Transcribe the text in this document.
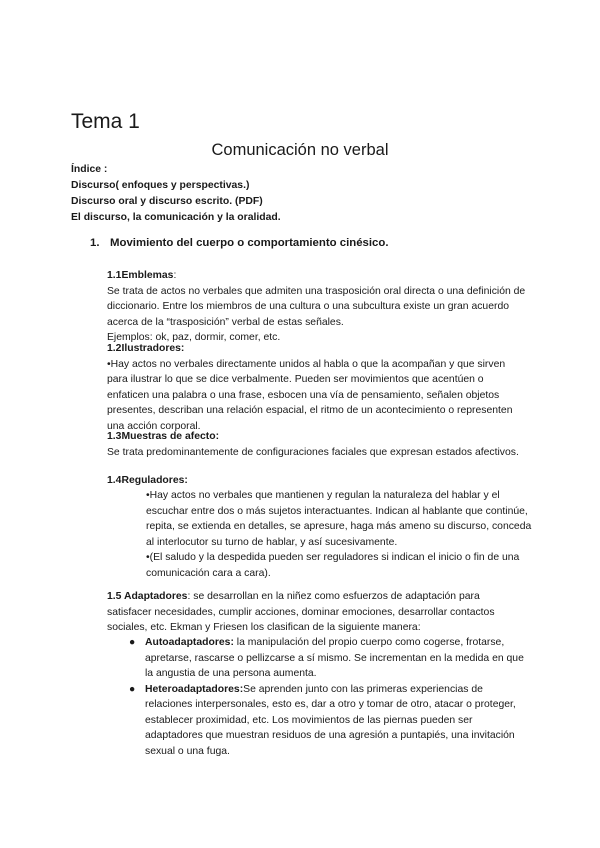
Tema 1
Comunicación no verbal
Índice :
Discurso( enfoques y perspectivas.)
Discurso oral y discurso escrito. (PDF)
El discurso, la comunicación y la oralidad.
1. Movimiento del cuerpo o comportamiento cinésico.

1.1Emblemas:

Se trata de actos no verbales que admiten una trasposición oral directa o una definición de diccionario. Entre los miembros de una cultura o una subcultura existe un gran acuerdo acerca de la “trasposición” verbal de estas señales.

Ejemplos: ok, paz, dormir, comer, etc.

1.2Ilustradores:

•Hay actos no verbales directamente unidos al habla o que la acompañan y que sirven para ilustrar lo que se dice verbalmente. Pueden ser movimientos que acentúen o enfaticen una palabra o una frase, esbocen una vía de pensamiento, señalen objetos presentes, describan una relación espacial, el ritmo de un acontecimiento o representen una acción corporal.

1.3Muestras de afecto:

Se trata predominantemente de configuraciones faciales que expresan estados afectivos.

1.4Reguladores:

•Hay actos no verbales que mantienen y regulan la naturaleza del hablar y el escuchar entre dos o más sujetos interactuantes. Indican al hablante que continúe, repita, se extienda en detalles, se apresure, haga más ameno su discurso, conceda al interlocutor su turno de hablar, y así sucesivamente.

•(El saludo y la despedida pueden ser reguladores si indican el inicio o fin de una comunicación cara a cara).

1.5 Adaptadores: se desarrollan en la niñez como esfuerzos de adaptación para satisfacer necesidades, cumplir acciones, dominar emociones, desarrollar contactos sociales, etc. Ekman y Friesen los clasifican de la siguiente manera:

● Autoadaptadores: la manipulación del propio cuerpo como cogerse, frotarse, apretarse, rascarse o pellizcarse a sí mismo. Se incrementan en la medida en que la angustia de una persona aumenta.
● Heteroadaptadores:Se aprenden junto con las primeras experiencias de relaciones interpersonales, esto es, dar a otro y tomar de otro, atacar o proteger, establecer proximidad, etc. Los movimientos de las piernas pueden ser adaptadores que muestran residuos de una agresión a puntapiés, una invitación sexual o una fuga.
